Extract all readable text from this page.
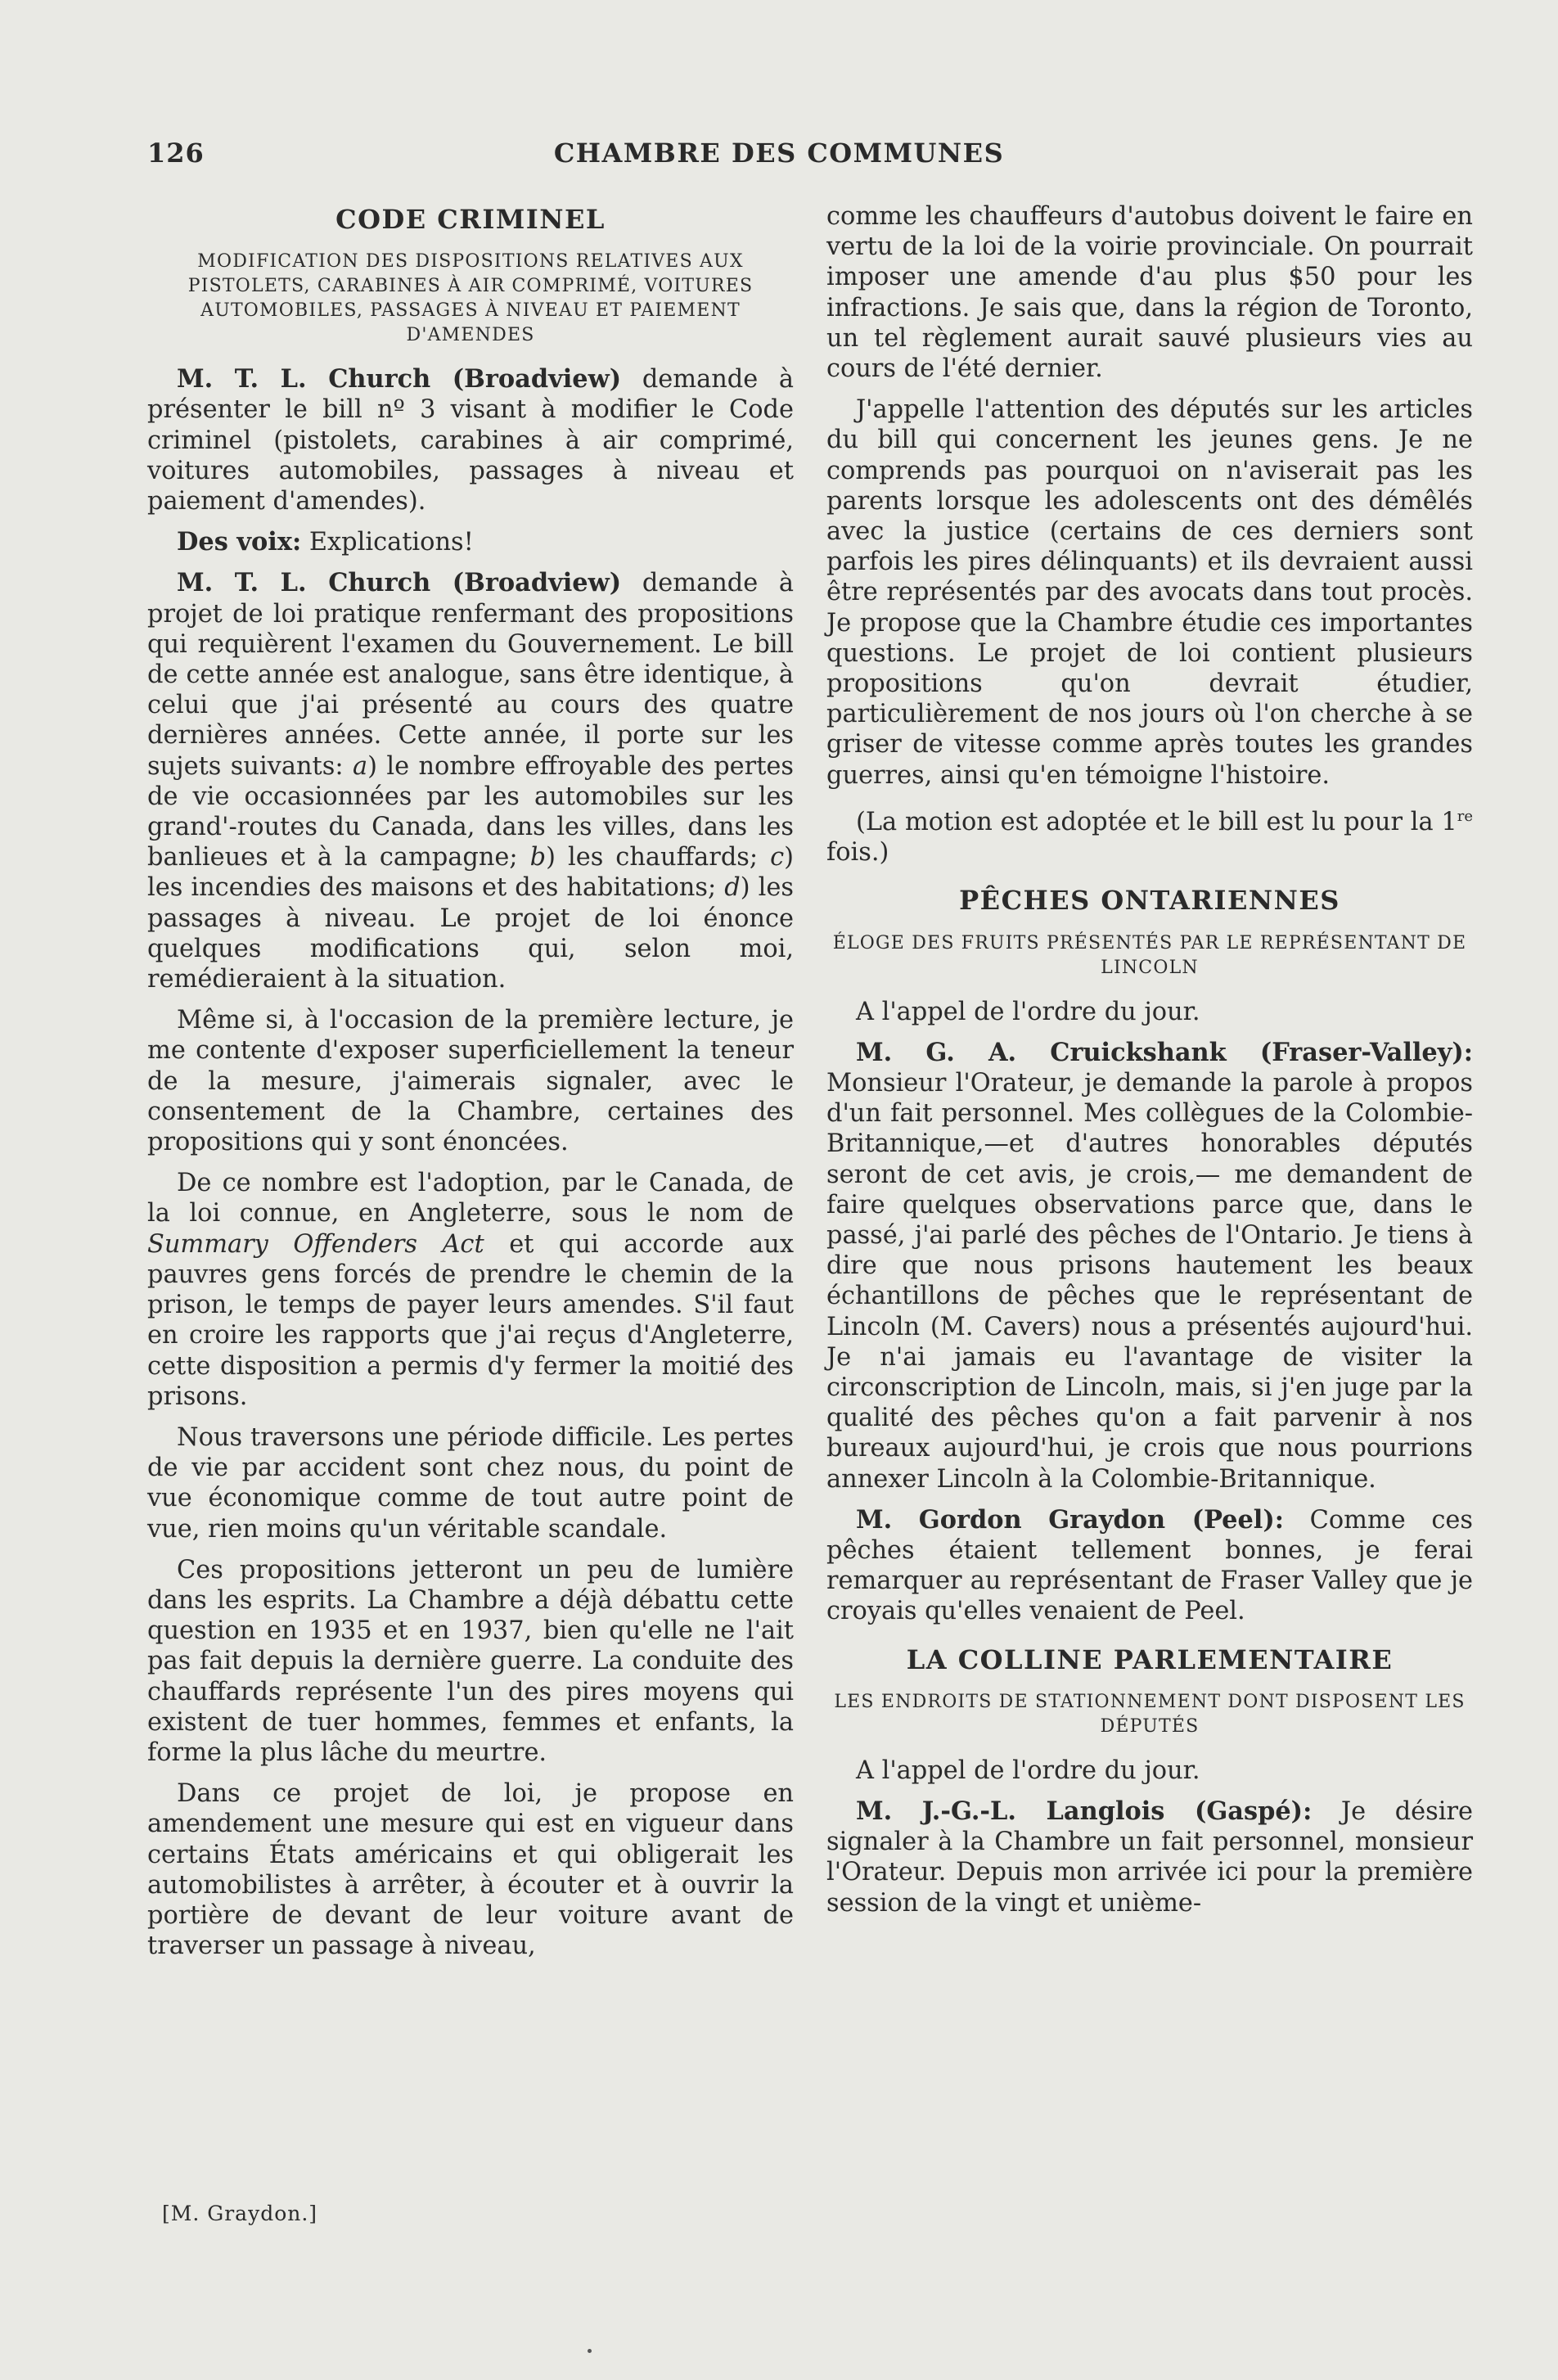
126	CHAMBRE DES COMMUNES
CODE CRIMINEL
MODIFICATION DES DISPOSITIONS RELATIVES AUX PISTOLETS, CARABINES À AIR COMPRIMÉ, VOITURES AUTOMOBILES, PASSAGES À NIVEAU ET PAIEMENT D'AMENDES

M. T. L. Church (Broadview) demande à présenter le bill nº 3 visant à modifier le Code criminel (pistolets, carabines à air comprimé, voitures automobiles, passages à niveau et paiement d'amendes).

Des voix: Explications!

M. T. L. Church (Broadview) demande à projet de loi pratique renfermant des propositions qui requièrent l'examen du Gouvernement. Le bill de cette année est analogue, sans être identique, à celui que j'ai présenté au cours des quatre dernières années. Cette année, il porte sur les sujets suivants: a) le nombre effroyable des pertes de vie occasionnées par les automobiles sur les grand'-routes du Canada, dans les villes, dans les banlieues et à la campagne; b) les chauffards; c) les incendies des maisons et des habitations; d) les passages à niveau. Le projet de loi énonce quelques modifications qui, selon moi, remédieraient à la situation.

Même si, à l'occasion de la première lecture, je me contente d'exposer superficiellement la teneur de la mesure, j'aimerais signaler, avec le consentement de la Chambre, certaines des propositions qui y sont énoncées.

De ce nombre est l'adoption, par le Canada, de la loi connue, en Angleterre, sous le nom de Summary Offenders Act et qui accorde aux pauvres gens forcés de prendre le chemin de la prison, le temps de payer leurs amendes. S'il faut en croire les rapports que j'ai reçus d'Angleterre, cette disposition a permis d'y fermer la moitié des prisons.

Nous traversons une période difficile. Les pertes de vie par accident sont chez nous, du point de vue économique comme de tout autre point de vue, rien moins qu'un véritable scandale.

Ces propositions jetteront un peu de lumière dans les esprits. La Chambre a déjà débattu cette question en 1935 et en 1937, bien qu'elle ne l'ait pas fait depuis la dernière guerre. La conduite des chauffards représente l'un des pires moyens qui existent de tuer hommes, femmes et enfants, la forme la plus lâche du meurtre.

Dans ce projet de loi, je propose en amendement une mesure qui est en vigueur dans certains États américains et qui obligerait les automobilistes à arrêter, à écouter et à ouvrir la portière de devant de leur voiture avant de traverser un passage à niveau,

[M. Graydon.]

comme les chauffeurs d'autobus doivent le faire en vertu de la loi de la voirie provinciale. On pourrait imposer une amende d'au plus $50 pour les infractions. Je sais que, dans la région de Toronto, un tel règlement aurait sauvé plusieurs vies au cours de l'été dernier.

J'appelle l'attention des députés sur les articles du bill qui concernent les jeunes gens. Je ne comprends pas pourquoi on n'aviserait pas les parents lorsque les adolescents ont des démêlés avec la justice (certains de ces derniers sont parfois les pires délinquants) et ils devraient aussi être représentés par des avocats dans tout procès. Je propose que la Chambre étudie ces importantes questions. Le projet de loi contient plusieurs propositions qu'on devrait étudier, particulièrement de nos jours où l'on cherche à se griser de vitesse comme après toutes les grandes guerres, ainsi qu'en témoigne l'histoire.

(La motion est adoptée et le bill est lu pour la 1re fois.)

PÊCHES ONTARIENNES
ÉLOGE DES FRUITS PRÉSENTÉS PAR LE REPRÉSENTANT DE LINCOLN

A l'appel de l'ordre du jour.

M. G. A. Cruickshank (Fraser-Valley): Monsieur l'Orateur, je demande la parole à propos d'un fait personnel. Mes collègues de la Colombie-Britannique,—et d'autres honorables députés seront de cet avis, je crois,— me demandent de faire quelques observations parce que, dans le passé, j'ai parlé des pêches de l'Ontario. Je tiens à dire que nous prisons hautement les beaux échantillons de pêches que le représentant de Lincoln (M. Cavers) nous a présentés aujourd'hui. Je n'ai jamais eu l'avantage de visiter la circonscription de Lincoln, mais, si j'en juge par la qualité des pêches qu'on a fait parvenir à nos bureaux aujourd'hui, je crois que nous pourrions annexer Lincoln à la Colombie-Britannique.

M. Gordon Graydon (Peel): Comme ces pêches étaient tellement bonnes, je ferai remarquer au représentant de Fraser Valley que je croyais qu'elles venaient de Peel.

LA COLLINE PARLEMENTAIRE
LES ENDROITS DE STATIONNEMENT DONT DISPOSENT LES DÉPUTÉS

A l'appel de l'ordre du jour.

M. J.-G.-L. Langlois (Gaspé): Je désire signaler à la Chambre un fait personnel, monsieur l'Orateur. Depuis mon arrivée ici pour la première session de la vingt et unième-
